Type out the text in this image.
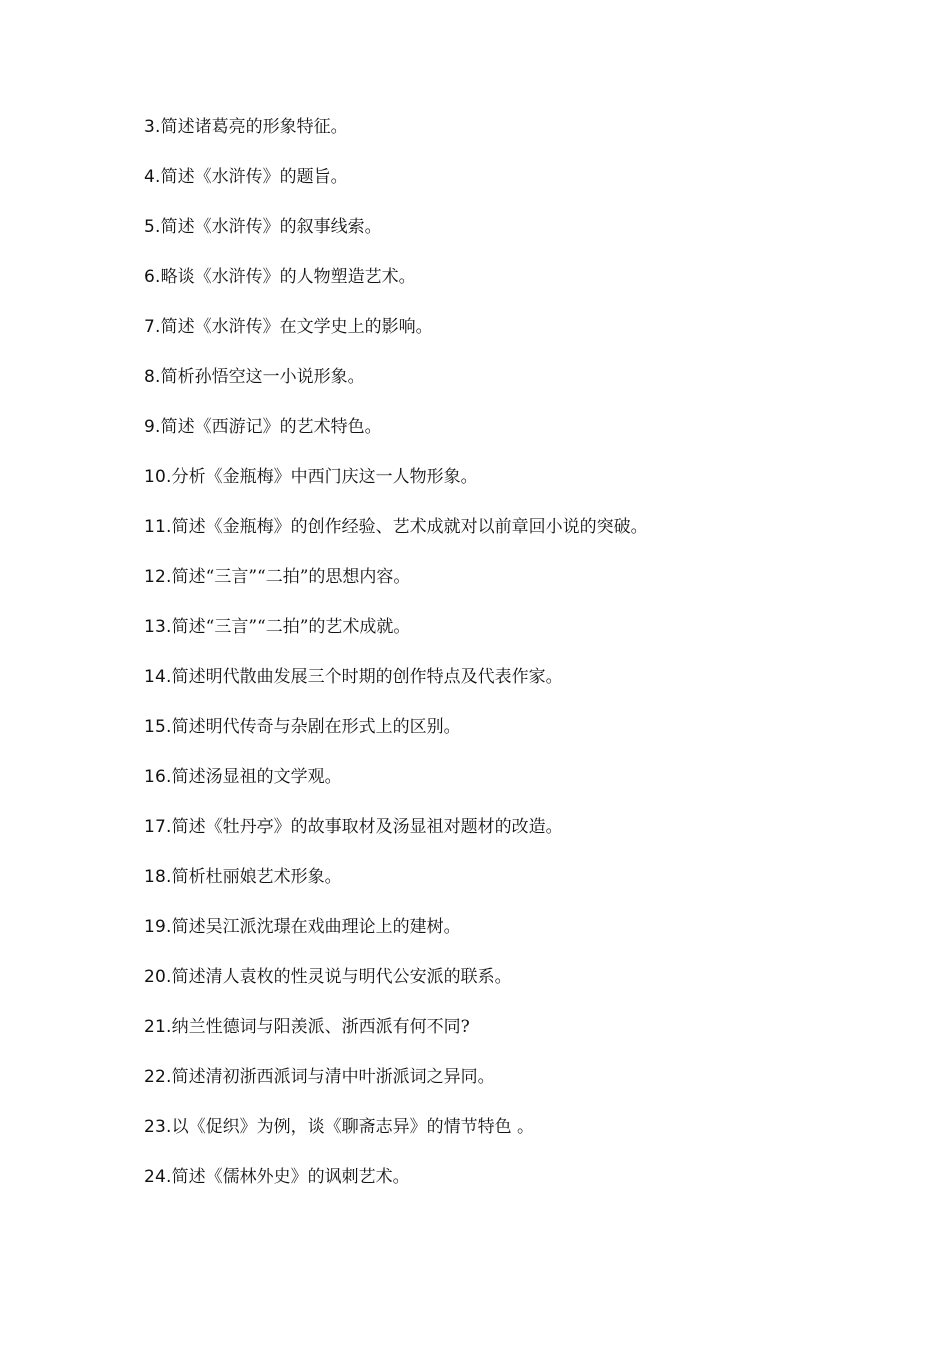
3.简述诸葛亮的形象特征。
4.简述《水浒传》的题旨。
5.简述《水浒传》的叙事线索。
6.略谈《水浒传》的人物塑造艺术。
7.简述《水浒传》在文学史上的影响。
8.简析孙悟空这一小说形象。
9.简述《西游记》的艺术特色。
10.分析《金瓶梅》中西门庆这一人物形象。
11.简述《金瓶梅》的创作经验、艺术成就对以前章回小说的突破。
12.简述“三言”“二拍”的思想内容。
13.简述“三言”“二拍”的艺术成就。
14.简述明代散曲发展三个时期的创作特点及代表作家。
15.简述明代传奇与杂剧在形式上的区别。
16.简述汤显祖的文学观。
17.简述《牡丹亭》的故事取材及汤显祖对题材的改造。
18.简析杜丽娘艺术形象。
19.简述吴江派沈璟在戏曲理论上的建树。
20.简述清人袁枚的性灵说与明代公安派的联系。
21.纳兰性德词与阳羡派、浙西派有何不同?
22.简述清初浙西派词与清中叶浙派词之异同。
23.以《促织》为例，谈《聊斋志异》的情节特色 。
24.简述《儒林外史》的讽刺艺术。
